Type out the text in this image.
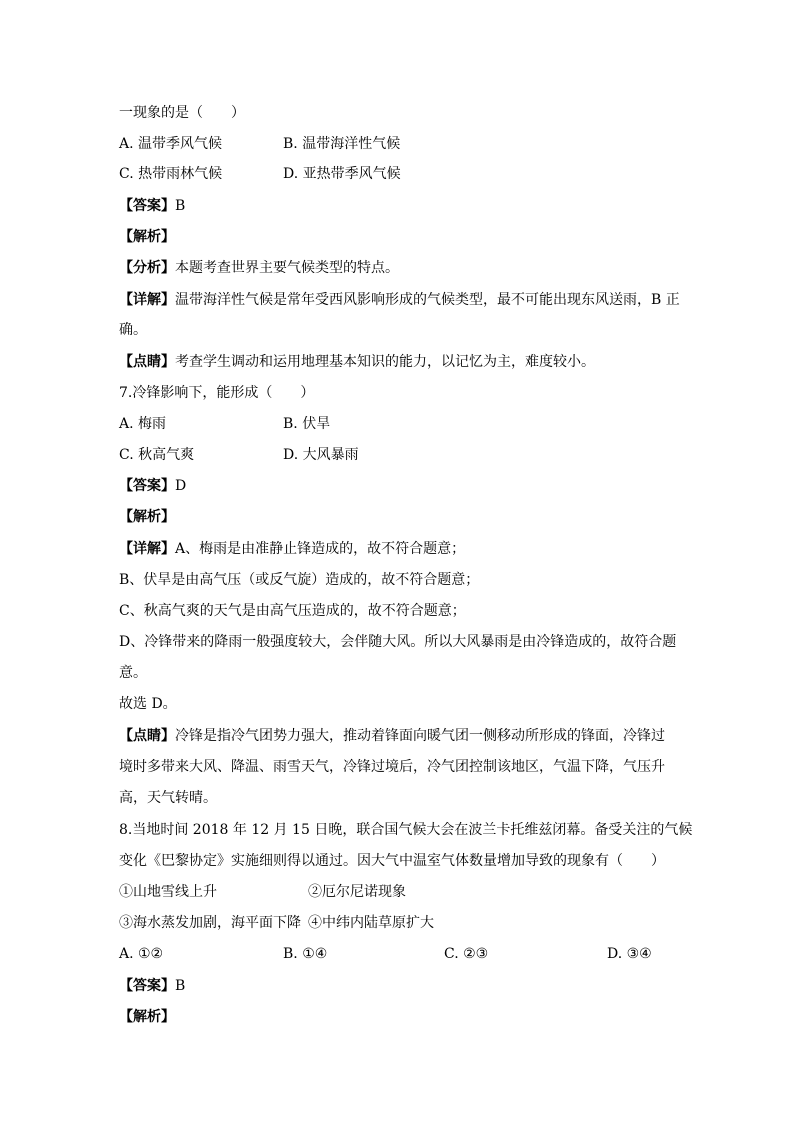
一现象的是（　　）
A. 温带季风气候	B. 温带海洋性气候
C. 热带雨林气候	D. 亚热带季风气候
【答案】B
【解析】
【分析】本题考查世界主要气候类型的特点。
【详解】温带海洋性气候是常年受西风影响形成的气候类型，最不可能出现东风送雨，B 正
确。
【点睛】考查学生调动和运用地理基本知识的能力，以记忆为主，难度较小。
7.冷锋影响下，能形成（　　）
A. 梅雨	B. 伏旱
C. 秋高气爽	D. 大风暴雨
【答案】D
【解析】
【详解】A、梅雨是由准静止锋造成的，故不符合题意；
B、伏旱是由高气压（或反气旋）造成的，故不符合题意；
C、秋高气爽的天气是由高气压造成的，故不符合题意；
D、冷锋带来的降雨一般强度较大，会伴随大风。所以大风暴雨是由冷锋造成的，故符合题
意。
故选 D。
【点睛】冷锋是指冷气团势力强大，推动着锋面向暖气团一侧移动所形成的锋面，冷锋过
境时多带来大风、降温、雨雪天气，冷锋过境后，冷气团控制该地区，气温下降，气压升
高，天气转晴。
8.当地时间 2018 年 12 月 15 日晚，联合国气候大会在波兰卡托维兹闭幕。备受关注的气候
变化《巴黎协定》实施细则得以通过。因大气中温室气体数量增加导致的现象有（　　）
①山地雪线上升	②厄尔尼诺现象
③海水蒸发加剧，海平面下降 ④中纬内陆草原扩大
A. ①②	B. ①④	C. ②③	D. ③④
【答案】B
【解析】
